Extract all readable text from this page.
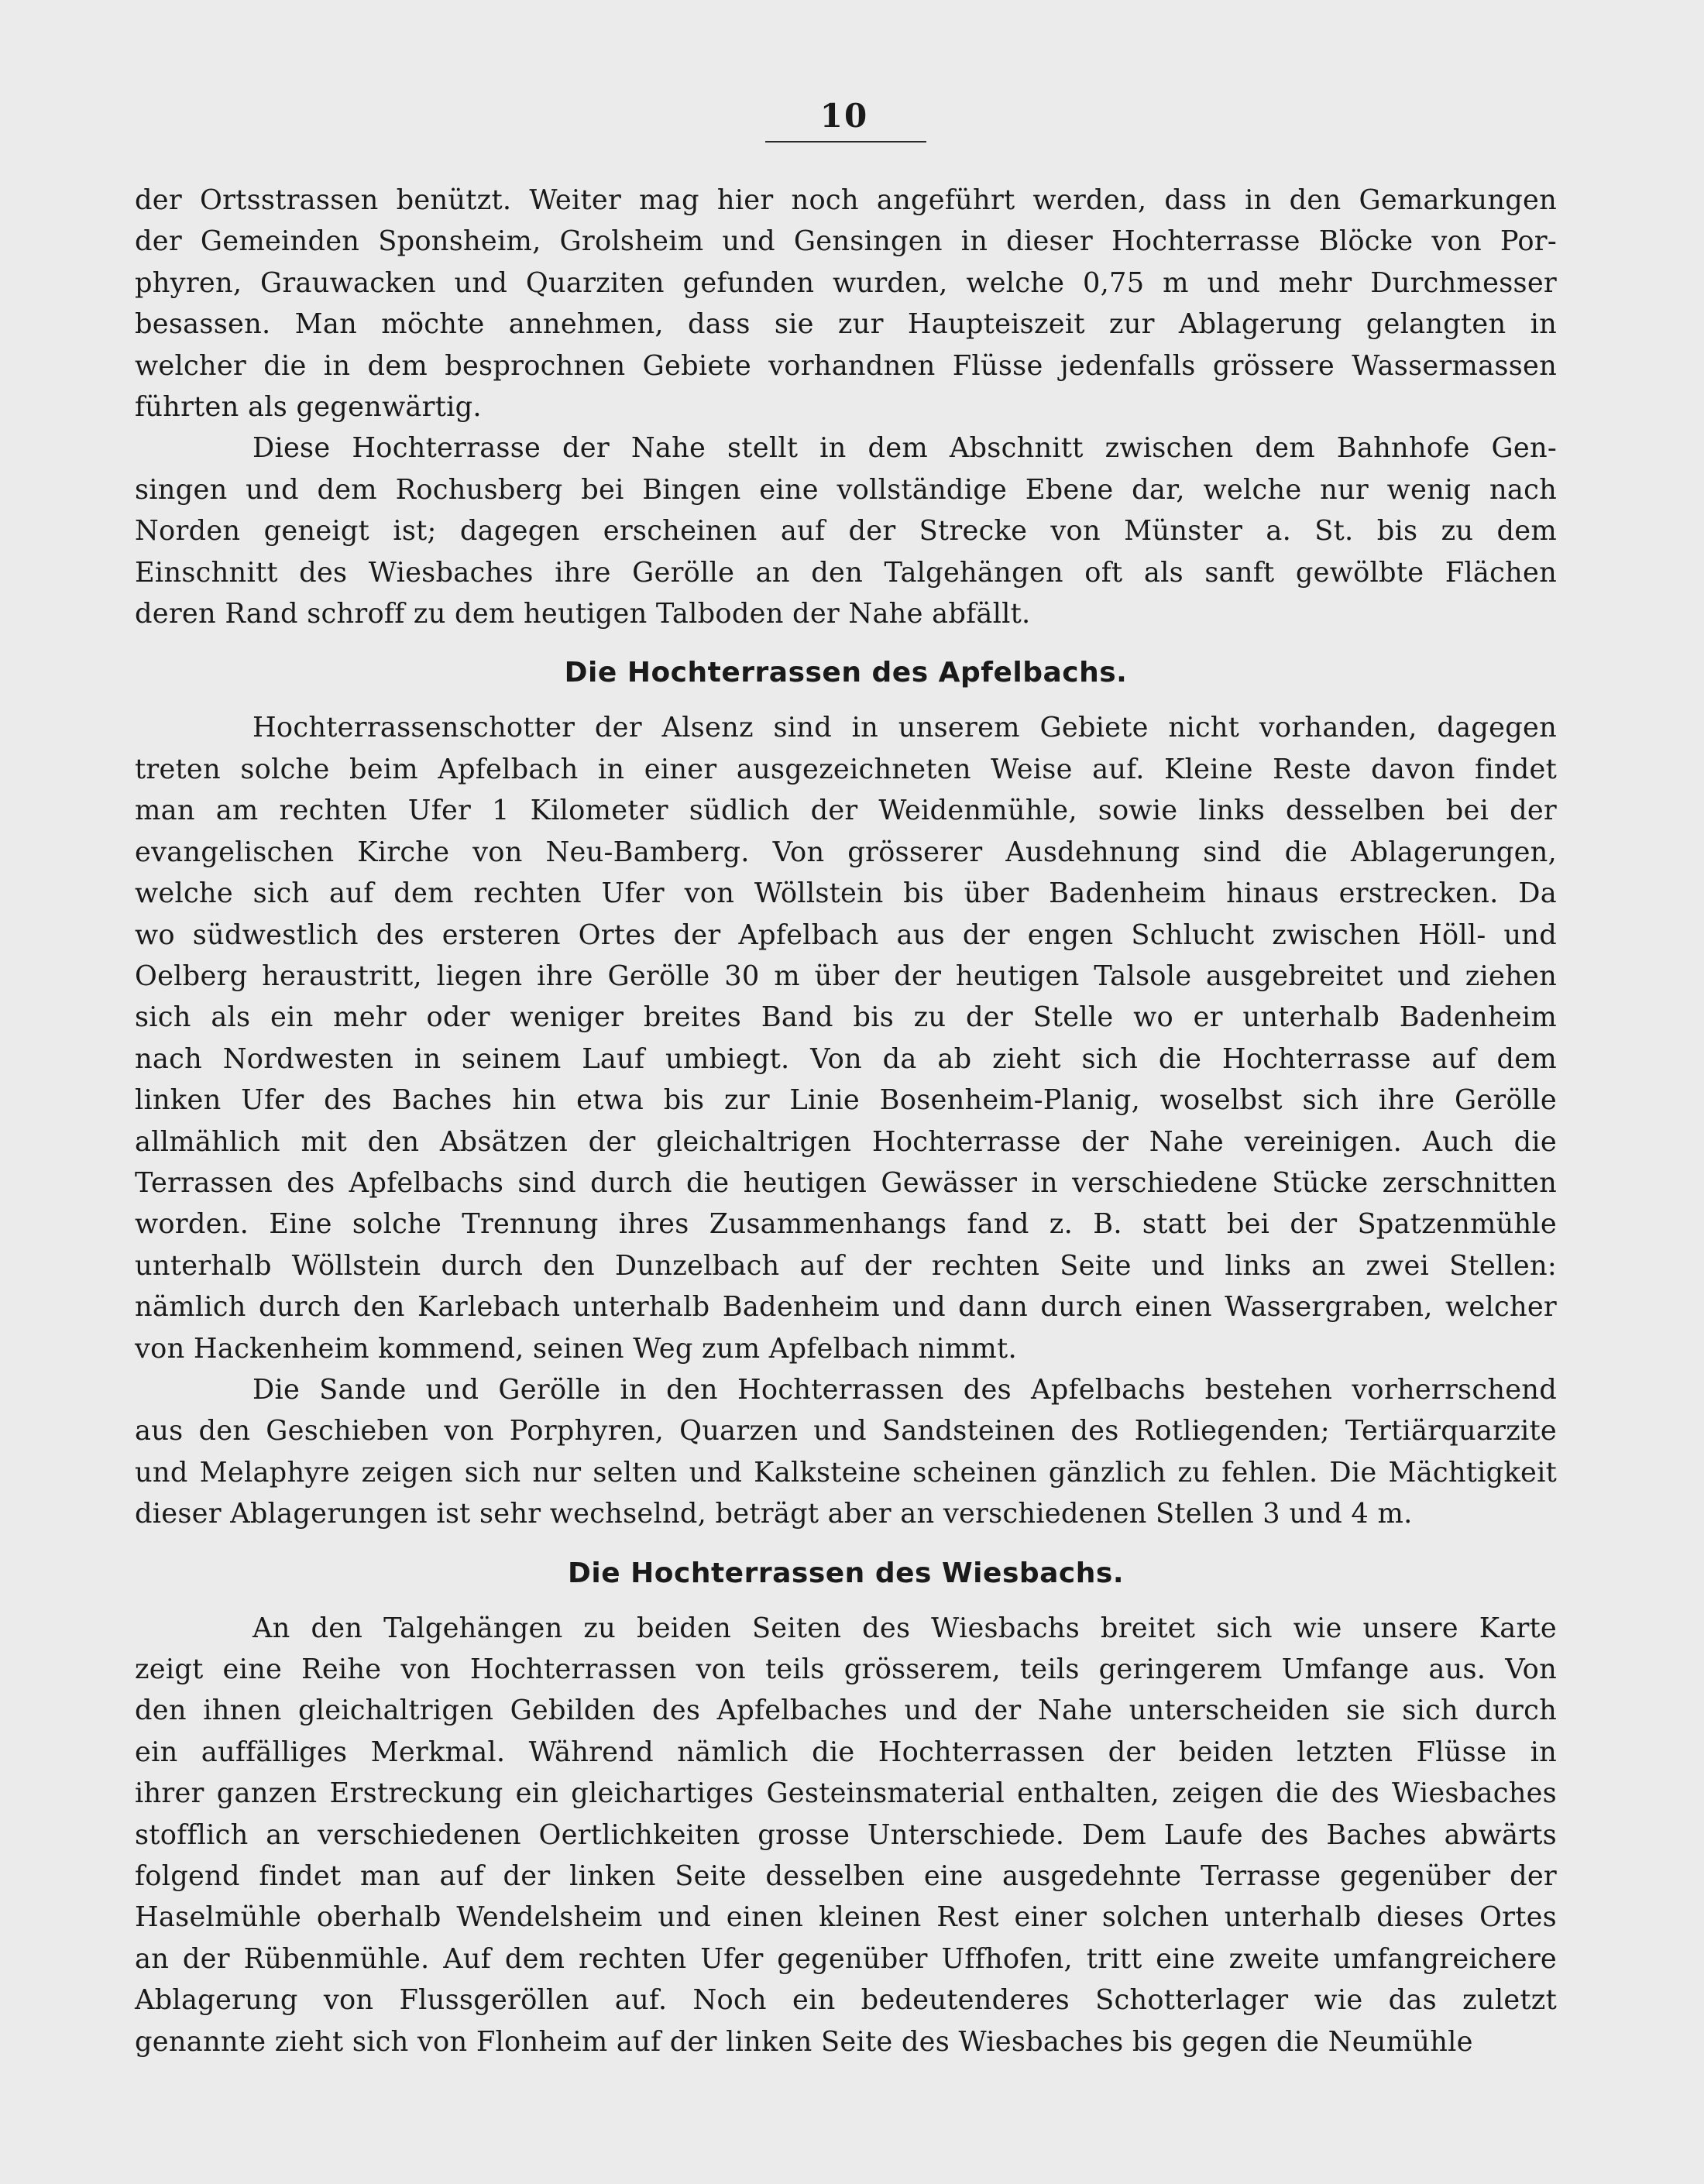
10
der Ortsstrassen benützt. Weiter mag hier noch angeführt werden, dass in den Gemarkungen
der Gemeinden Sponsheim, Grolsheim und Gensingen in dieser Hochterrasse Blöcke von Por-
phyren, Grauwacken und Quarziten gefunden wurden, welche 0,75 m und mehr Durchmesser
besassen. Man möchte annehmen, dass sie zur Haupteiszeit zur Ablagerung gelangten in
welcher die in dem besprochnen Gebiete vorhandnen Flüsse jedenfalls grössere Wassermassen
führten als gegenwärtig.
Diese Hochterrasse der Nahe stellt in dem Abschnitt zwischen dem Bahnhofe Gen-
singen und dem Rochusberg bei Bingen eine vollständige Ebene dar, welche nur wenig nach
Norden geneigt ist; dagegen erscheinen auf der Strecke von Münster a. St. bis zu dem
Einschnitt des Wiesbaches ihre Gerölle an den Talgehängen oft als sanft gewölbte Flächen
deren Rand schroff zu dem heutigen Talboden der Nahe abfällt.
Die Hochterrassen des Apfelbachs.
Hochterrassenschotter der Alsenz sind in unserem Gebiete nicht vorhanden, dagegen
treten solche beim Apfelbach in einer ausgezeichneten Weise auf. Kleine Reste davon findet
man am rechten Ufer 1 Kilometer südlich der Weidenmühle, sowie links desselben bei der
evangelischen Kirche von Neu-Bamberg. Von grösserer Ausdehnung sind die Ablagerungen,
welche sich auf dem rechten Ufer von Wöllstein bis über Badenheim hinaus erstrecken. Da
wo südwestlich des ersteren Ortes der Apfelbach aus der engen Schlucht zwischen Höll- und
Oelberg heraustritt, liegen ihre Gerölle 30 m über der heutigen Talsole ausgebreitet und ziehen
sich als ein mehr oder weniger breites Band bis zu der Stelle wo er unterhalb Badenheim
nach Nordwesten in seinem Lauf umbiegt. Von da ab zieht sich die Hochterrasse auf dem
linken Ufer des Baches hin etwa bis zur Linie Bosenheim-Planig, woselbst sich ihre Gerölle
allmählich mit den Absätzen der gleichaltrigen Hochterrasse der Nahe vereinigen. Auch die
Terrassen des Apfelbachs sind durch die heutigen Gewässer in verschiedene Stücke zerschnitten
worden. Eine solche Trennung ihres Zusammenhangs fand z. B. statt bei der Spatzenmühle
unterhalb Wöllstein durch den Dunzelbach auf der rechten Seite und links an zwei Stellen:
nämlich durch den Karlebach unterhalb Badenheim und dann durch einen Wassergraben, welcher
von Hackenheim kommend, seinen Weg zum Apfelbach nimmt.
Die Sande und Gerölle in den Hochterrassen des Apfelbachs bestehen vorherrschend
aus den Geschieben von Porphyren, Quarzen und Sandsteinen des Rotliegenden; Tertiärquarzite
und Melaphyre zeigen sich nur selten und Kalksteine scheinen gänzlich zu fehlen. Die Mächtigkeit
dieser Ablagerungen ist sehr wechselnd, beträgt aber an verschiedenen Stellen 3 und 4 m.
Die Hochterrassen des Wiesbachs.
An den Talgehängen zu beiden Seiten des Wiesbachs breitet sich wie unsere Karte
zeigt eine Reihe von Hochterrassen von teils grösserem, teils geringerem Umfange aus. Von
den ihnen gleichaltrigen Gebilden des Apfelbaches und der Nahe unterscheiden sie sich durch
ein auffälliges Merkmal. Während nämlich die Hochterrassen der beiden letzten Flüsse in
ihrer ganzen Erstreckung ein gleichartiges Gesteinsmaterial enthalten, zeigen die des Wiesbaches
stofflich an verschiedenen Oertlichkeiten grosse Unterschiede. Dem Laufe des Baches abwärts
folgend findet man auf der linken Seite desselben eine ausgedehnte Terrasse gegenüber der
Haselmühle oberhalb Wendelsheim und einen kleinen Rest einer solchen unterhalb dieses Ortes
an der Rübenmühle. Auf dem rechten Ufer gegenüber Uffhofen, tritt eine zweite umfangreichere
Ablagerung von Flussgeröllen auf. Noch ein bedeutenderes Schotterlager wie das zuletzt
genannte zieht sich von Flonheim auf der linken Seite des Wiesbaches bis gegen die Neumühle
